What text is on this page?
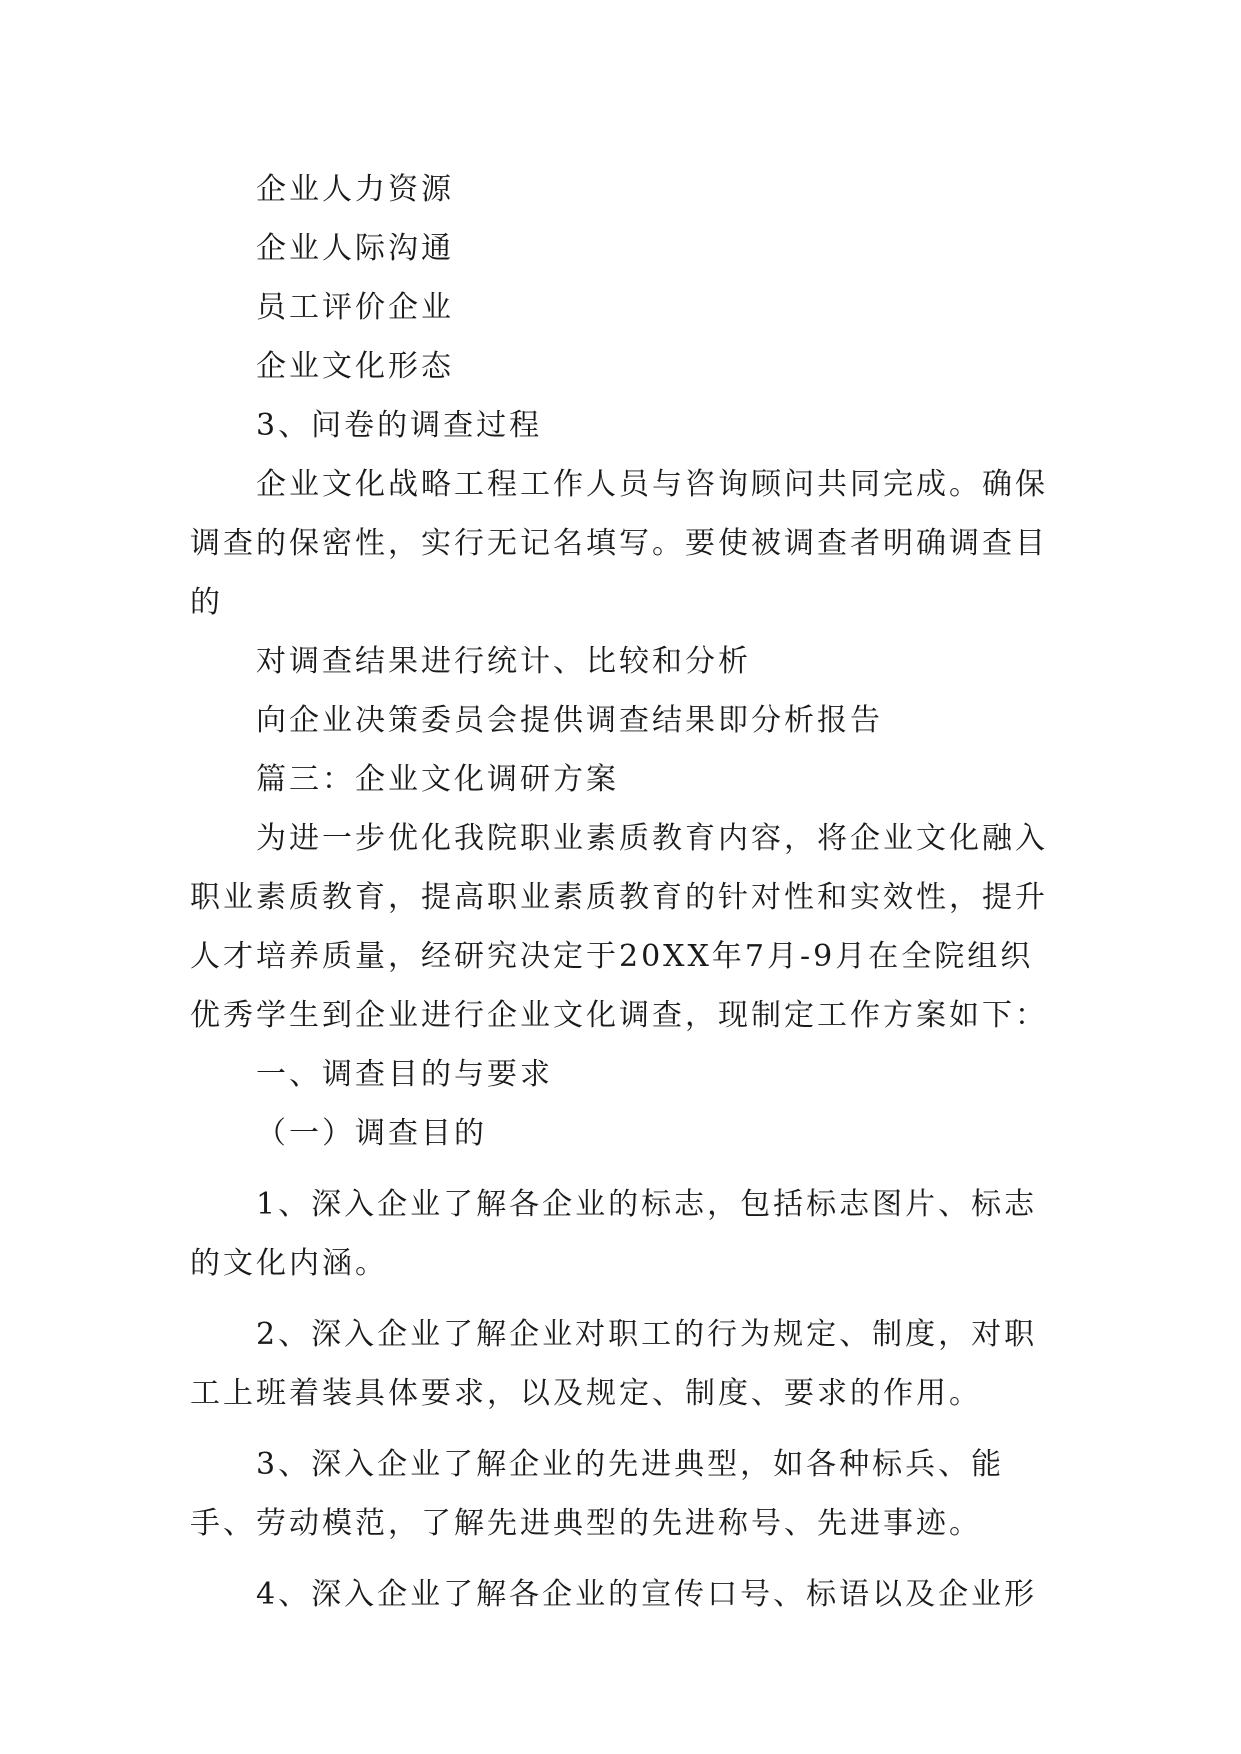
企业人力资源

企业人际沟通

员工评价企业

企业文化形态

3、问卷的调查过程

企业文化战略工程工作人员与咨询顾问共同完成。确保调查的保密性，实行无记名填写。要使被调查者明确调查目的

对调查结果进行统计、比较和分析

向企业决策委员会提供调查结果即分析报告

篇三：企业文化调研方案

为进一步优化我院职业素质教育内容，将企业文化融入职业素质教育，提高职业素质教育的针对性和实效性，提升人才培养质量，经研究决定于20XX年7月-9月在全院组织优秀学生到企业进行企业文化调查，现制定工作方案如下：

一、调查目的与要求

（一）调查目的

1、深入企业了解各企业的标志，包括标志图片、标志的文化内涵。

2、深入企业了解企业对职工的行为规定、制度，对职工上班着装具体要求，以及规定、制度、要求的作用。

3、深入企业了解企业的先进典型，如各种标兵、能手、劳动模范，了解先进典型的先进称号、先进事迹。

4、深入企业了解各企业的宣传口号、标语以及企业形
